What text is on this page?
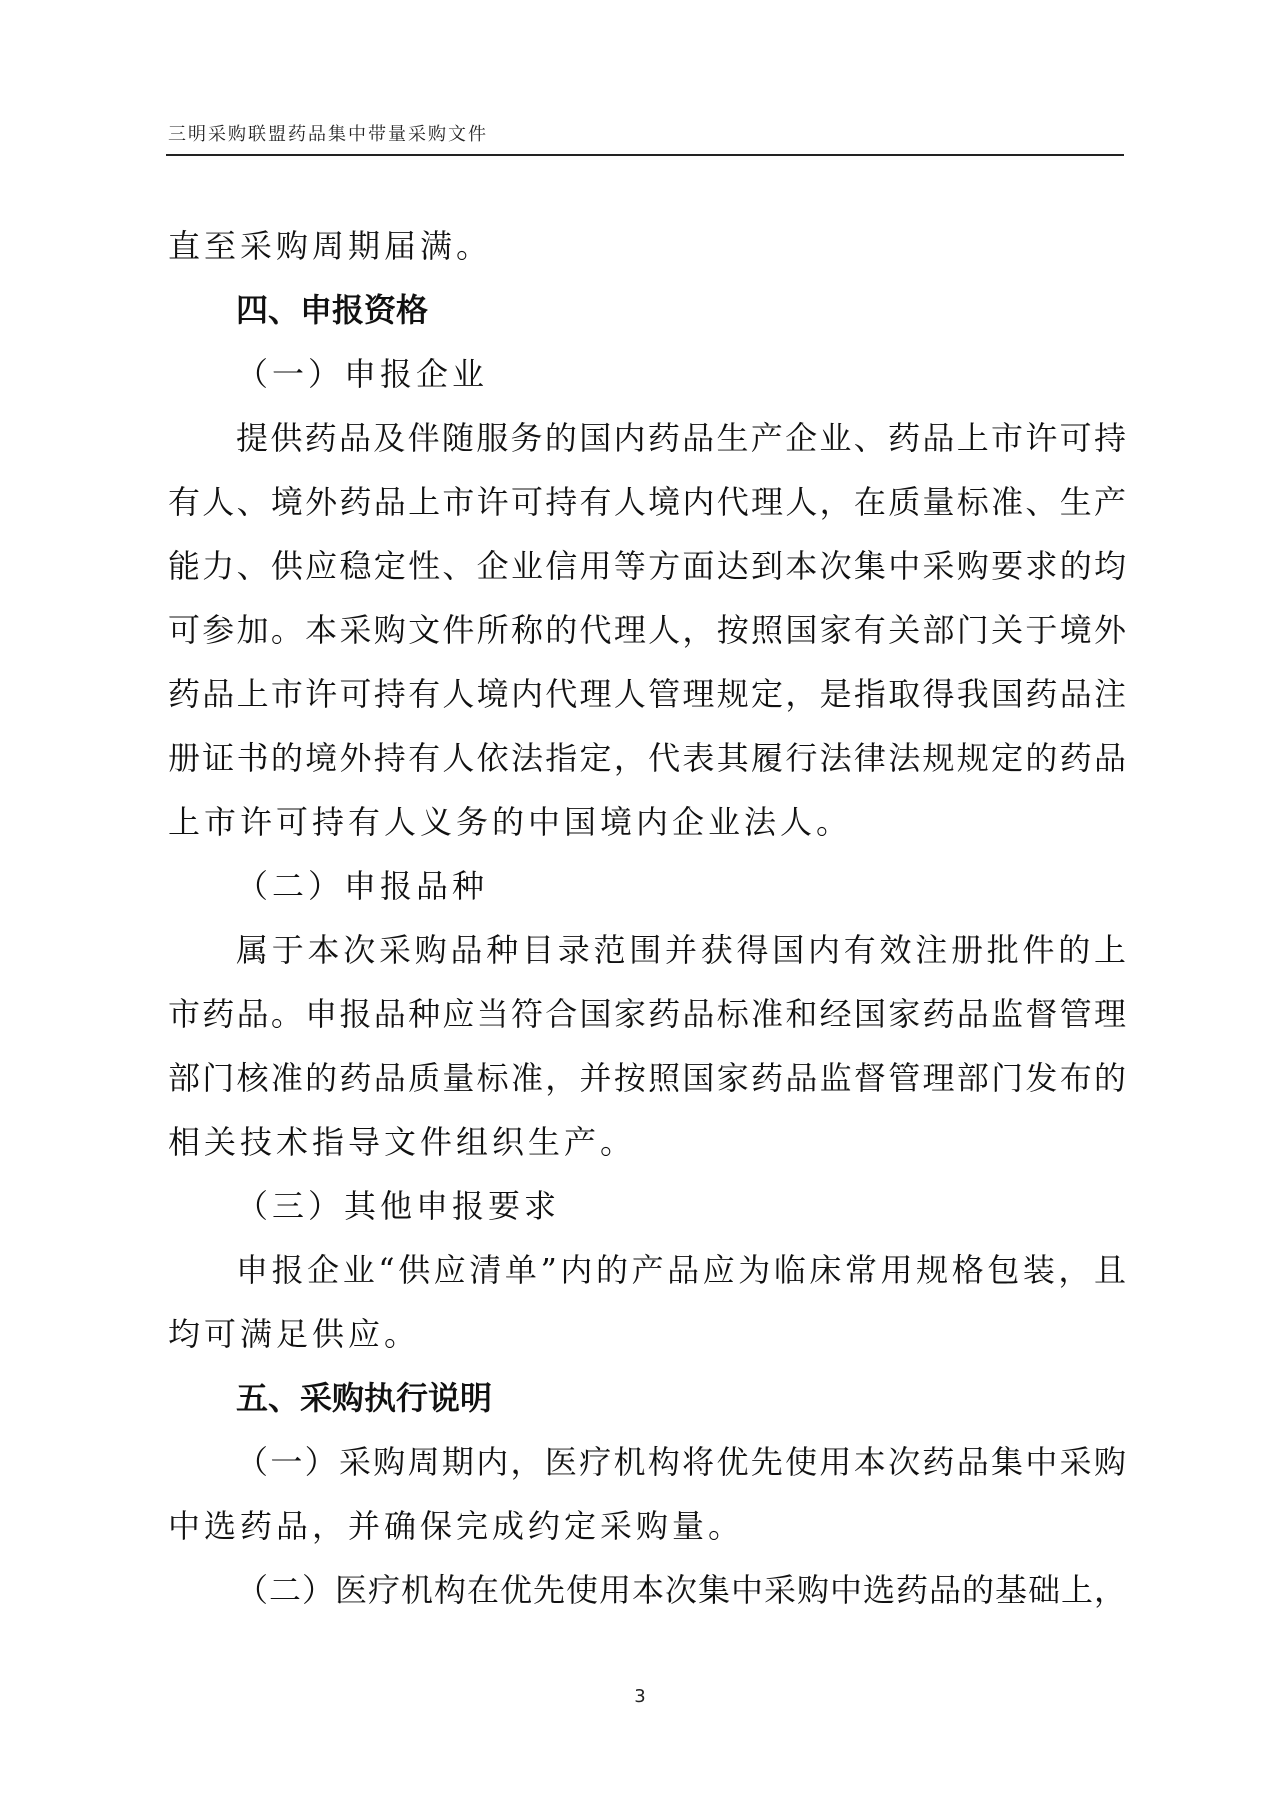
三明采购联盟药品集中带量采购文件
直至采购周期届满。
四、申报资格
（一）申报企业
提供药品及伴随服务的国内药品生产企业、药品上市许可持
有人、境外药品上市许可持有人境内代理人，在质量标准、生产
能力、供应稳定性、企业信用等方面达到本次集中采购要求的均
可参加。本采购文件所称的代理人，按照国家有关部门关于境外
药品上市许可持有人境内代理人管理规定，是指取得我国药品注
册证书的境外持有人依法指定，代表其履行法律法规规定的药品
上市许可持有人义务的中国境内企业法人。
（二）申报品种
属于本次采购品种目录范围并获得国内有效注册批件的上
市药品。申报品种应当符合国家药品标准和经国家药品监督管理
部门核准的药品质量标准，并按照国家药品监督管理部门发布的
相关技术指导文件组织生产。
（三）其他申报要求
申报企业“供应清单”内的产品应为临床常用规格包装，且
均可满足供应。
五、采购执行说明
（一）采购周期内，医疗机构将优先使用本次药品集中采购
中选药品，并确保完成约定采购量。
（二）医疗机构在优先使用本次集中采购中选药品的基础上，
3
